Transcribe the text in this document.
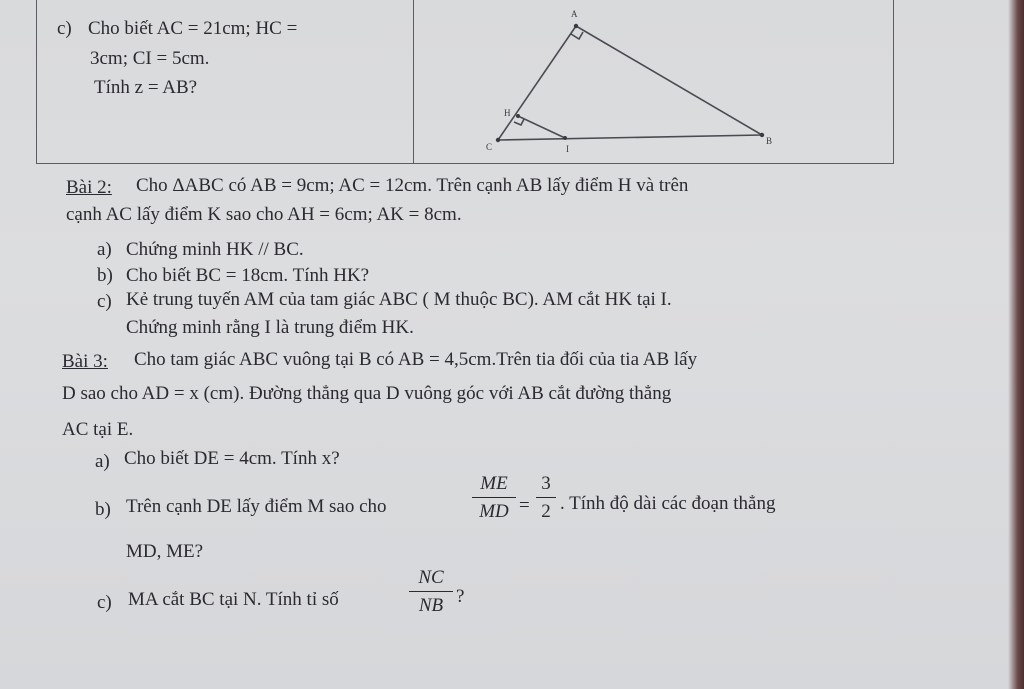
c) Cho biết AC = 21cm; HC =
3cm; CI = 5cm.
Tính z = AB?
A
H
C	I
B
Bài 2: Cho ΔABC có AB = 9cm; AC = 12cm. Trên cạnh AB lấy điểm H và trên
cạnh AC lấy điểm K sao cho AH = 6cm; AK = 8cm.
a) Chứng minh HK // BC.
b) Cho biết BC = 18cm. Tính HK?
c) Kẻ trung tuyến AM của tam giác ABC ( M thuộc BC). AM cắt HK tại I.
Chứng minh rằng I là trung điểm HK.
Bài 3: Cho tam giác ABC vuông tại B có AB = 4,5cm.Trên tia đối của tia AB lấy
D sao cho AD = x (cm). Đường thẳng qua D vuông góc với AB cắt đường thẳng
AC tại E.
a) Cho biết DE = 4cm. Tính x?
b) Trên cạnh DE lấy điểm M sao cho
ME
MD =
3
2 . Tính độ dài các đoạn thẳng
MD, ME?
c) MA cắt BC tại N. Tính tỉ số
NC
NB ?
